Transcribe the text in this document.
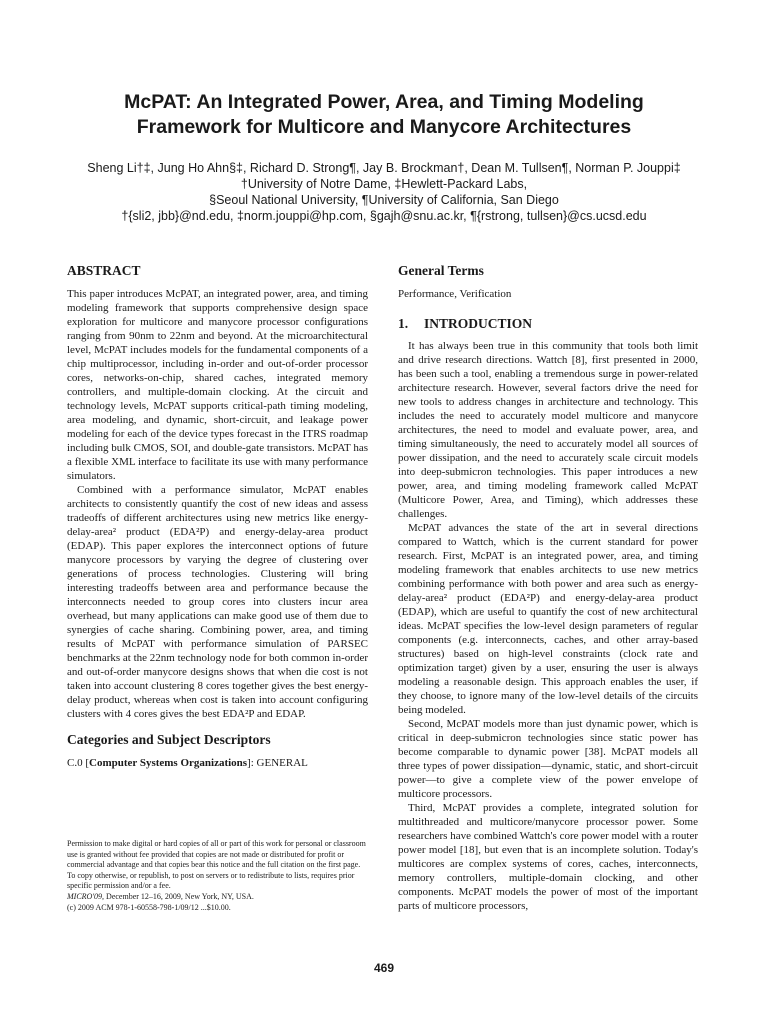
McPAT: An Integrated Power, Area, and Timing Modeling
Framework for Multicore and Manycore Architectures
Sheng Li†‡, Jung Ho Ahn§‡, Richard D. Strong¶, Jay B. Brockman†, Dean M. Tullsen¶, Norman P. Jouppi‡
†University of Notre Dame, ‡Hewlett-Packard Labs,
§Seoul National University, ¶University of California, San Diego
†{sli2, jbb}@nd.edu, ‡norm.jouppi@hp.com, §gajh@snu.ac.kr, ¶{rstrong, tullsen}@cs.ucsd.edu
ABSTRACT

This paper introduces McPAT, an integrated power, area, and timing modeling framework that supports comprehensive design space exploration for multicore and manycore processor configurations ranging from 90nm to 22nm and beyond. At the microarchitectural level, McPAT includes models for the fundamental components of a chip multiprocessor, including in-order and out-of-order processor cores, networks-on-chip, shared caches, integrated memory controllers, and multiple-domain clocking. At the circuit and technology levels, McPAT supports critical-path timing modeling, area modeling, and dynamic, short-circuit, and leakage power modeling for each of the device types forecast in the ITRS roadmap including bulk CMOS, SOI, and double-gate transistors. McPAT has a flexible XML interface to facilitate its use with many performance simulators.

Combined with a performance simulator, McPAT enables architects to consistently quantify the cost of new ideas and assess tradeoffs of different architectures using new metrics like energy-delay-area² product (EDA²P) and energy-delay-area product (EDAP). This paper explores the interconnect options of future manycore processors by varying the degree of clustering over generations of process technologies. Clustering will bring interesting tradeoffs between area and performance because the interconnects needed to group cores into clusters incur area overhead, but many applications can make good use of them due to synergies of cache sharing. Combining power, area, and timing results of McPAT with performance simulation of PARSEC benchmarks at the 22nm technology node for both common in-order and out-of-order manycore designs shows that when die cost is not taken into account clustering 8 cores together gives the best energy-delay product, whereas when cost is taken into account configuring clusters with 4 cores gives the best EDA²P and EDAP.

Categories and Subject Descriptors

C.0 [Computer Systems Organizations]: GENERAL

Permission to make digital or hard copies of all or part of this work for personal or classroom use is granted without fee provided that copies are not made or distributed for profit or commercial advantage and that copies bear this notice and the full citation on the first page. To copy otherwise, or republish, to post on servers or to redistribute to lists, requires prior specific permission and/or a fee.

MICRO'09, December 12–16, 2009, New York, NY, USA.

(c) 2009 ACM 978-1-60558-798-1/09/12 ...$10.00.

General Terms

Performance, Verification

1. INTRODUCTION

It has always been true in this community that tools both limit and drive research directions. Wattch [8], first presented in 2000, has been such a tool, enabling a tremendous surge in power-related architecture research. However, several factors drive the need for new tools to address changes in architecture and technology. This includes the need to accurately model multicore and manycore architectures, the need to model and evaluate power, area, and timing simultaneously, the need to accurately model all sources of power dissipation, and the need to accurately scale circuit models into deep-submicron technologies. This paper introduces a new power, area, and timing modeling framework called McPAT (Multicore Power, Area, and Timing), which addresses these challenges.

McPAT advances the state of the art in several directions compared to Wattch, which is the current standard for power research. First, McPAT is an integrated power, area, and timing modeling framework that enables architects to use new metrics combining performance with both power and area such as energy-delay-area² product (EDA²P) and energy-delay-area product (EDAP), which are useful to quantify the cost of new architectural ideas. McPAT specifies the low-level design parameters of regular components (e.g. interconnects, caches, and other array-based structures) based on high-level constraints (clock rate and optimization target) given by a user, ensuring the user is always modeling a reasonable design. This approach enables the user, if they choose, to ignore many of the low-level details of the circuits being modeled.

Second, McPAT models more than just dynamic power, which is critical in deep-submicron technologies since static power has become comparable to dynamic power [38]. McPAT models all three types of power dissipation—dynamic, static, and short-circuit power—to give a complete view of the power envelope of multicore processors.

Third, McPAT provides a complete, integrated solution for multithreaded and multicore/manycore processor power. Some researchers have combined Wattch's core power model with a router power model [18], but even that is an incomplete solution. Today's multicores are complex systems of cores, caches, interconnects, memory controllers, multiple-domain clocking, and other components. McPAT models the power of most of the important parts of multicore processors,

469
